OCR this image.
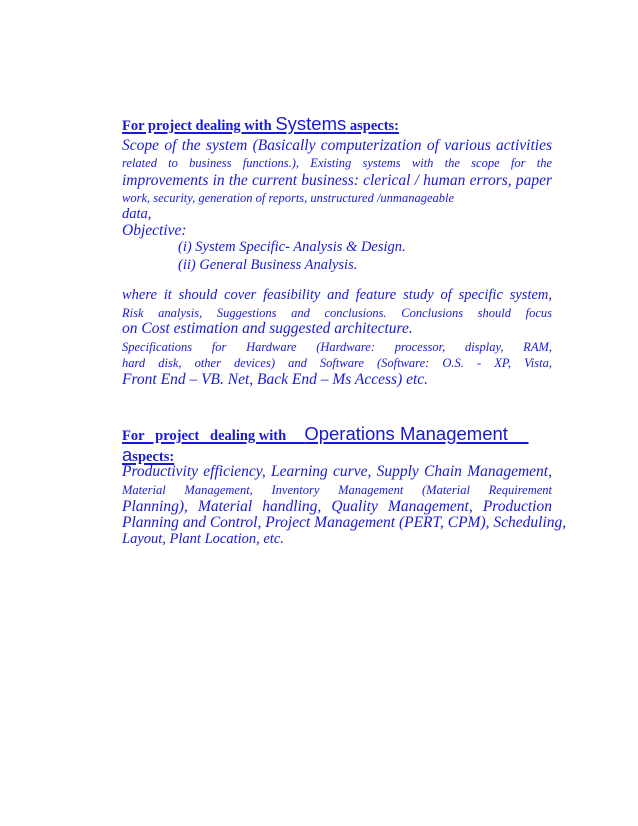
For project dealing with Systems aspects:
Scope of the system (Basically computerization of various activities
related to business functions.), Existing systems with the scope for the
improvements in the current business: clerical / human errors, paper
work, security, generation of reports, unstructured /unmanageable
data,
Objective:
(i) System Specific- Analysis & Design.
(ii) General Business Analysis.
where it should cover feasibility and feature study of specific system,
Risk analysis, Suggestions and conclusions. Conclusions should focus
on Cost estimation and suggested architecture.
Specifications for Hardware (Hardware: processor, display, RAM,
hard disk, other devices) and Software (Software: O.S. - XP, Vista,
Front End – VB. Net, Back End – Ms Access) etc.
For   project   dealing with     Operations Management
aspects:
Productivity efficiency, Learning curve, Supply Chain Management,
Material Management, Inventory Management (Material Requirement
Planning), Material handling, Quality Management, Production
Planning and Control, Project Management (PERT, CPM), Scheduling,
Layout, Plant Location, etc.
